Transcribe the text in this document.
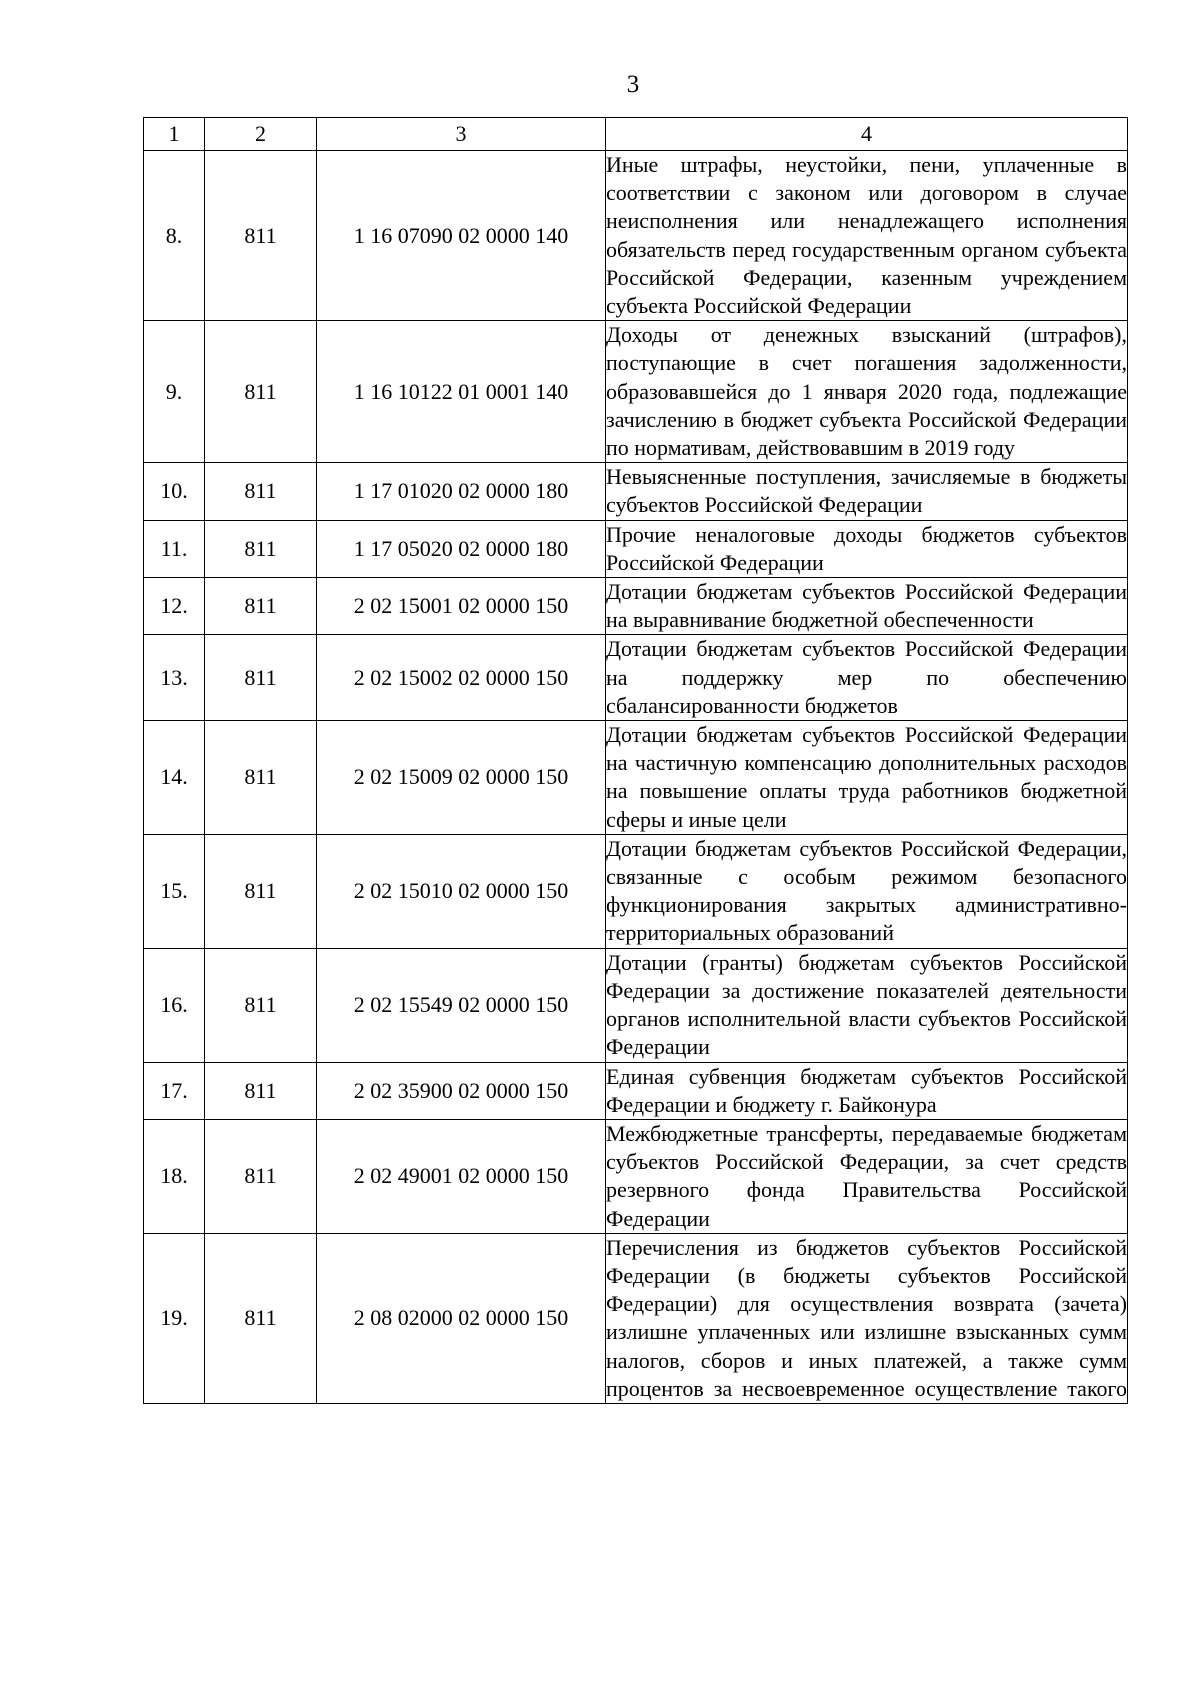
3
1	2	3	4
8.	811	1 16 07090 02 0000 140	Иные штрафы, неустойки, пени, уплаченные в соответствии с законом или договором в случае неисполнения или ненадлежащего исполнения обязательств перед государственным органом субъекта Российской Федерации, казенным учреждением субъекта Российской Федерации
9.	811	1 16 10122 01 0001 140	Доходы от денежных взысканий (штрафов), поступающие в счет погашения задолженности, образовавшейся до 1 января 2020 года, подлежащие зачислению в бюджет субъекта Российской Федерации по нормативам, действовавшим в 2019 году
10.	811	1 17 01020 02 0000 180	Невыясненные поступления, зачисляемые в бюджеты субъектов Российской Федерации
11.	811	1 17 05020 02 0000 180	Прочие неналоговые доходы бюджетов субъектов Российской Федерации
12.	811	2 02 15001 02 0000 150	Дотации бюджетам субъектов Российской Федерации на выравнивание бюджетной обеспеченности
13.	811	2 02 15002 02 0000 150	Дотации бюджетам субъектов Российской Федерации на поддержку мер по обеспечению сбалансированности бюджетов
14.	811	2 02 15009 02 0000 150	Дотации бюджетам субъектов Российской Федерации на частичную компенсацию дополнительных расходов на повышение оплаты труда работников бюджетной сферы и иные цели
15.	811	2 02 15010 02 0000 150	Дотации бюджетам субъектов Российской Федерации, связанные с особым режимом безопасного функционирования закрытых административно-территориальных образований
16.	811	2 02 15549 02 0000 150	Дотации (гранты) бюджетам субъектов Российской Федерации за достижение показателей деятельности органов исполнительной власти субъектов Российской Федерации
17.	811	2 02 35900 02 0000 150	Единая субвенция бюджетам субъектов Российской Федерации и бюджету г. Байконура
18.	811	2 02 49001 02 0000 150	Межбюджетные трансферты, передаваемые бюджетам субъектов Российской Федерации, за счет средств резервного фонда Правительства Российской Федерации
19.	811	2 08 02000 02 0000 150	Перечисления из бюджетов субъектов Российской Федерации (в бюджеты субъектов Российской Федерации) для осуществления возврата (зачета) излишне уплаченных или излишне взысканных сумм налогов, сборов и иных платежей, а также сумм процентов за несвоевременное осуществление такого
